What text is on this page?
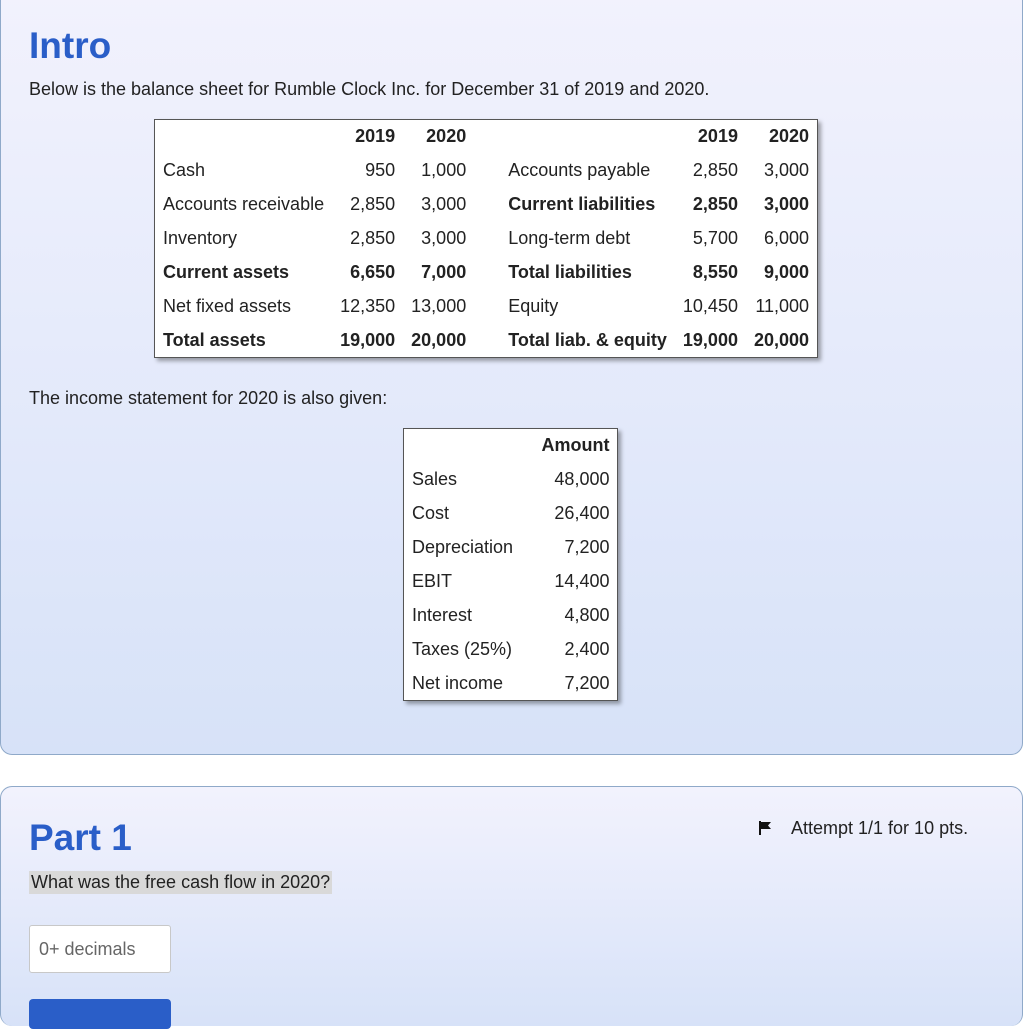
Intro

Below is the balance sheet for Rumble Clock Inc. for December 31 of 2019 and 2020.

	2019	2020		2019	2020
Cash	950	1,000	Accounts payable	2,850	3,000
Accounts receivable	2,850	3,000	Current liabilities	2,850	3,000
Inventory	2,850	3,000	Long-term debt	5,700	6,000
Current assets	6,650	7,000	Total liabilities	8,550	9,000
Net fixed assets	12,350	13,000	Equity	10,450	11,000
Total assets	19,000	20,000	Total liab. & equity	19,000	20,000

The income statement for 2020 is also given:

	Amount
Sales	48,000
Cost	26,400
Depreciation	7,200
EBIT	14,400
Interest	4,800
Taxes (25%)	2,400
Net income	7,200
Part 1	Attempt 1/1 for 10 pts.
What was the free cash flow in 2020?
0+ decimals
